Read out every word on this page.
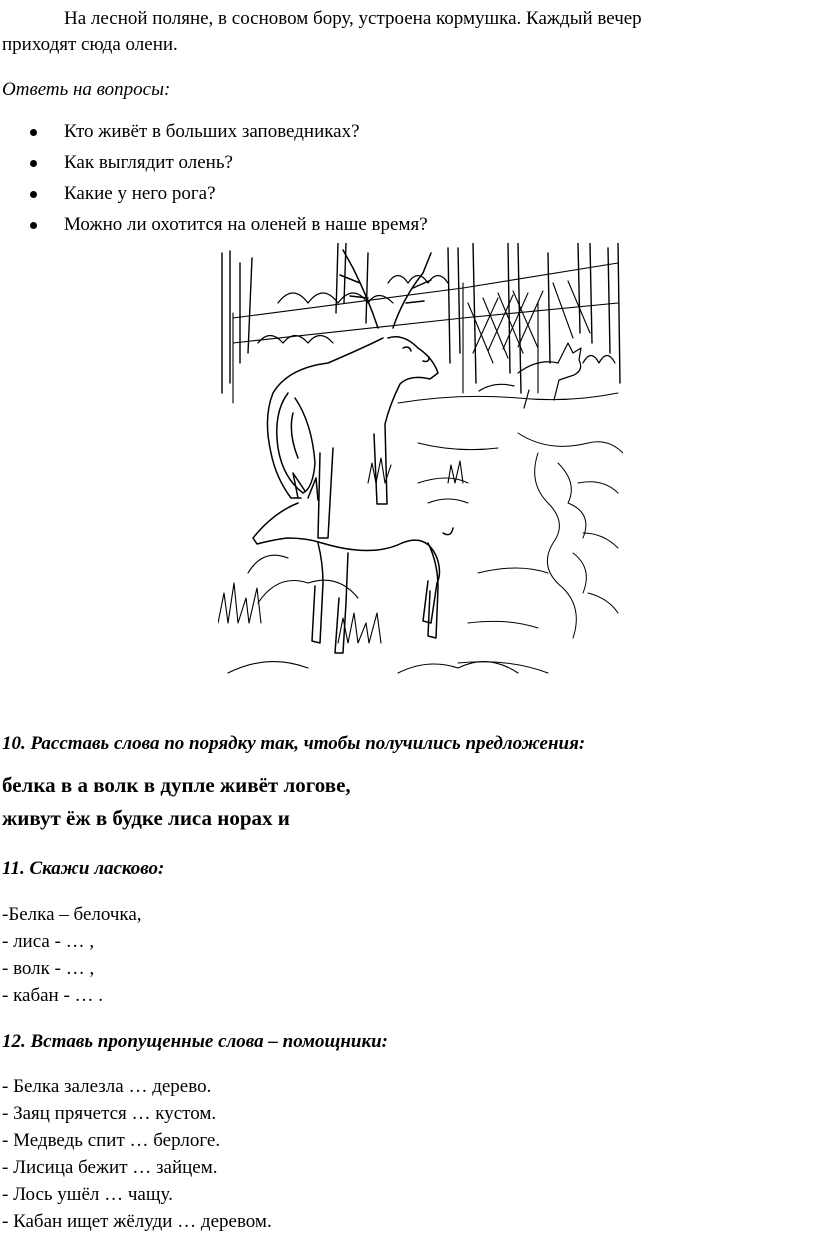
На лесной поляне, в сосновом бору, устроена кормушка. Каждый вечер
приходят сюда олени.
Ответь на вопросы:
Кто живёт в больших заповедниках?
Как выглядит олень?
Какие у него рога?
Можно ли охотится на оленей в наше время?
10. Расставь слова по порядку так, чтобы получились предложения:
белка в а волк в дупле живёт логове,
живут ёж в будке лиса норах и
11. Скажи ласково:
-Белка – белочка,
- лиса - … ,
- волк - … ,
- кабан - … .
12. Вставь пропущенные слова – помощники:
- Белка залезла … дерево.
- Заяц прячется … кустом.
- Медведь спит … берлоге.
- Лисица бежит … зайцем.
- Лось ушёл … чащу.
- Кабан ищет жёлуди … деревом.
